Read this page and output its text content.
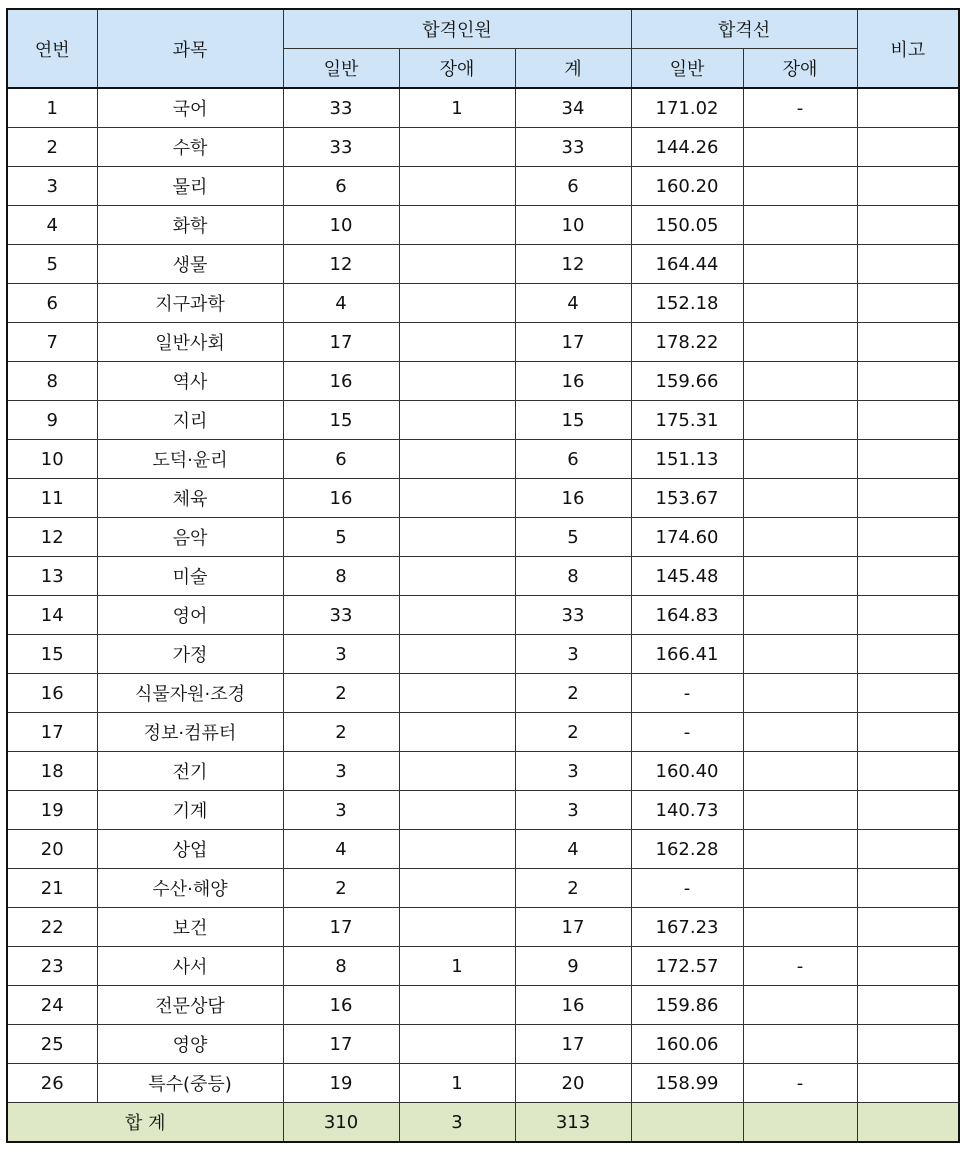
연번	과목	합격인원			합격선		비고
		일반	장애	계	일반	장애	
1	국어	33	1	34	171.02	-	
2	수학	33		33	144.26		
3	물리	6		6	160.20		
4	화학	10		10	150.05		
5	생물	12		12	164.44		
6	지구과학	4		4	152.18		
7	일반사회	17		17	178.22		
8	역사	16		16	159.66		
9	지리	15		15	175.31		
10	도덕·윤리	6		6	151.13		
11	체육	16		16	153.67		
12	음악	5		5	174.60		
13	미술	8		8	145.48		
14	영어	33		33	164.83		
15	가정	3		3	166.41		
16	식물자원·조경	2		2	-		
17	정보·컴퓨터	2		2	-		
18	전기	3		3	160.40		
19	기계	3		3	140.73		
20	상업	4		4	162.28		
21	수산·해양	2		2	-		
22	보건	17		17	167.23		
23	사서	8	1	9	172.57	-	
24	전문상담	16		16	159.86		
25	영양	17		17	160.06		
26	특수(중등)	19	1	20	158.99	-	
합 계		310	3	313			
